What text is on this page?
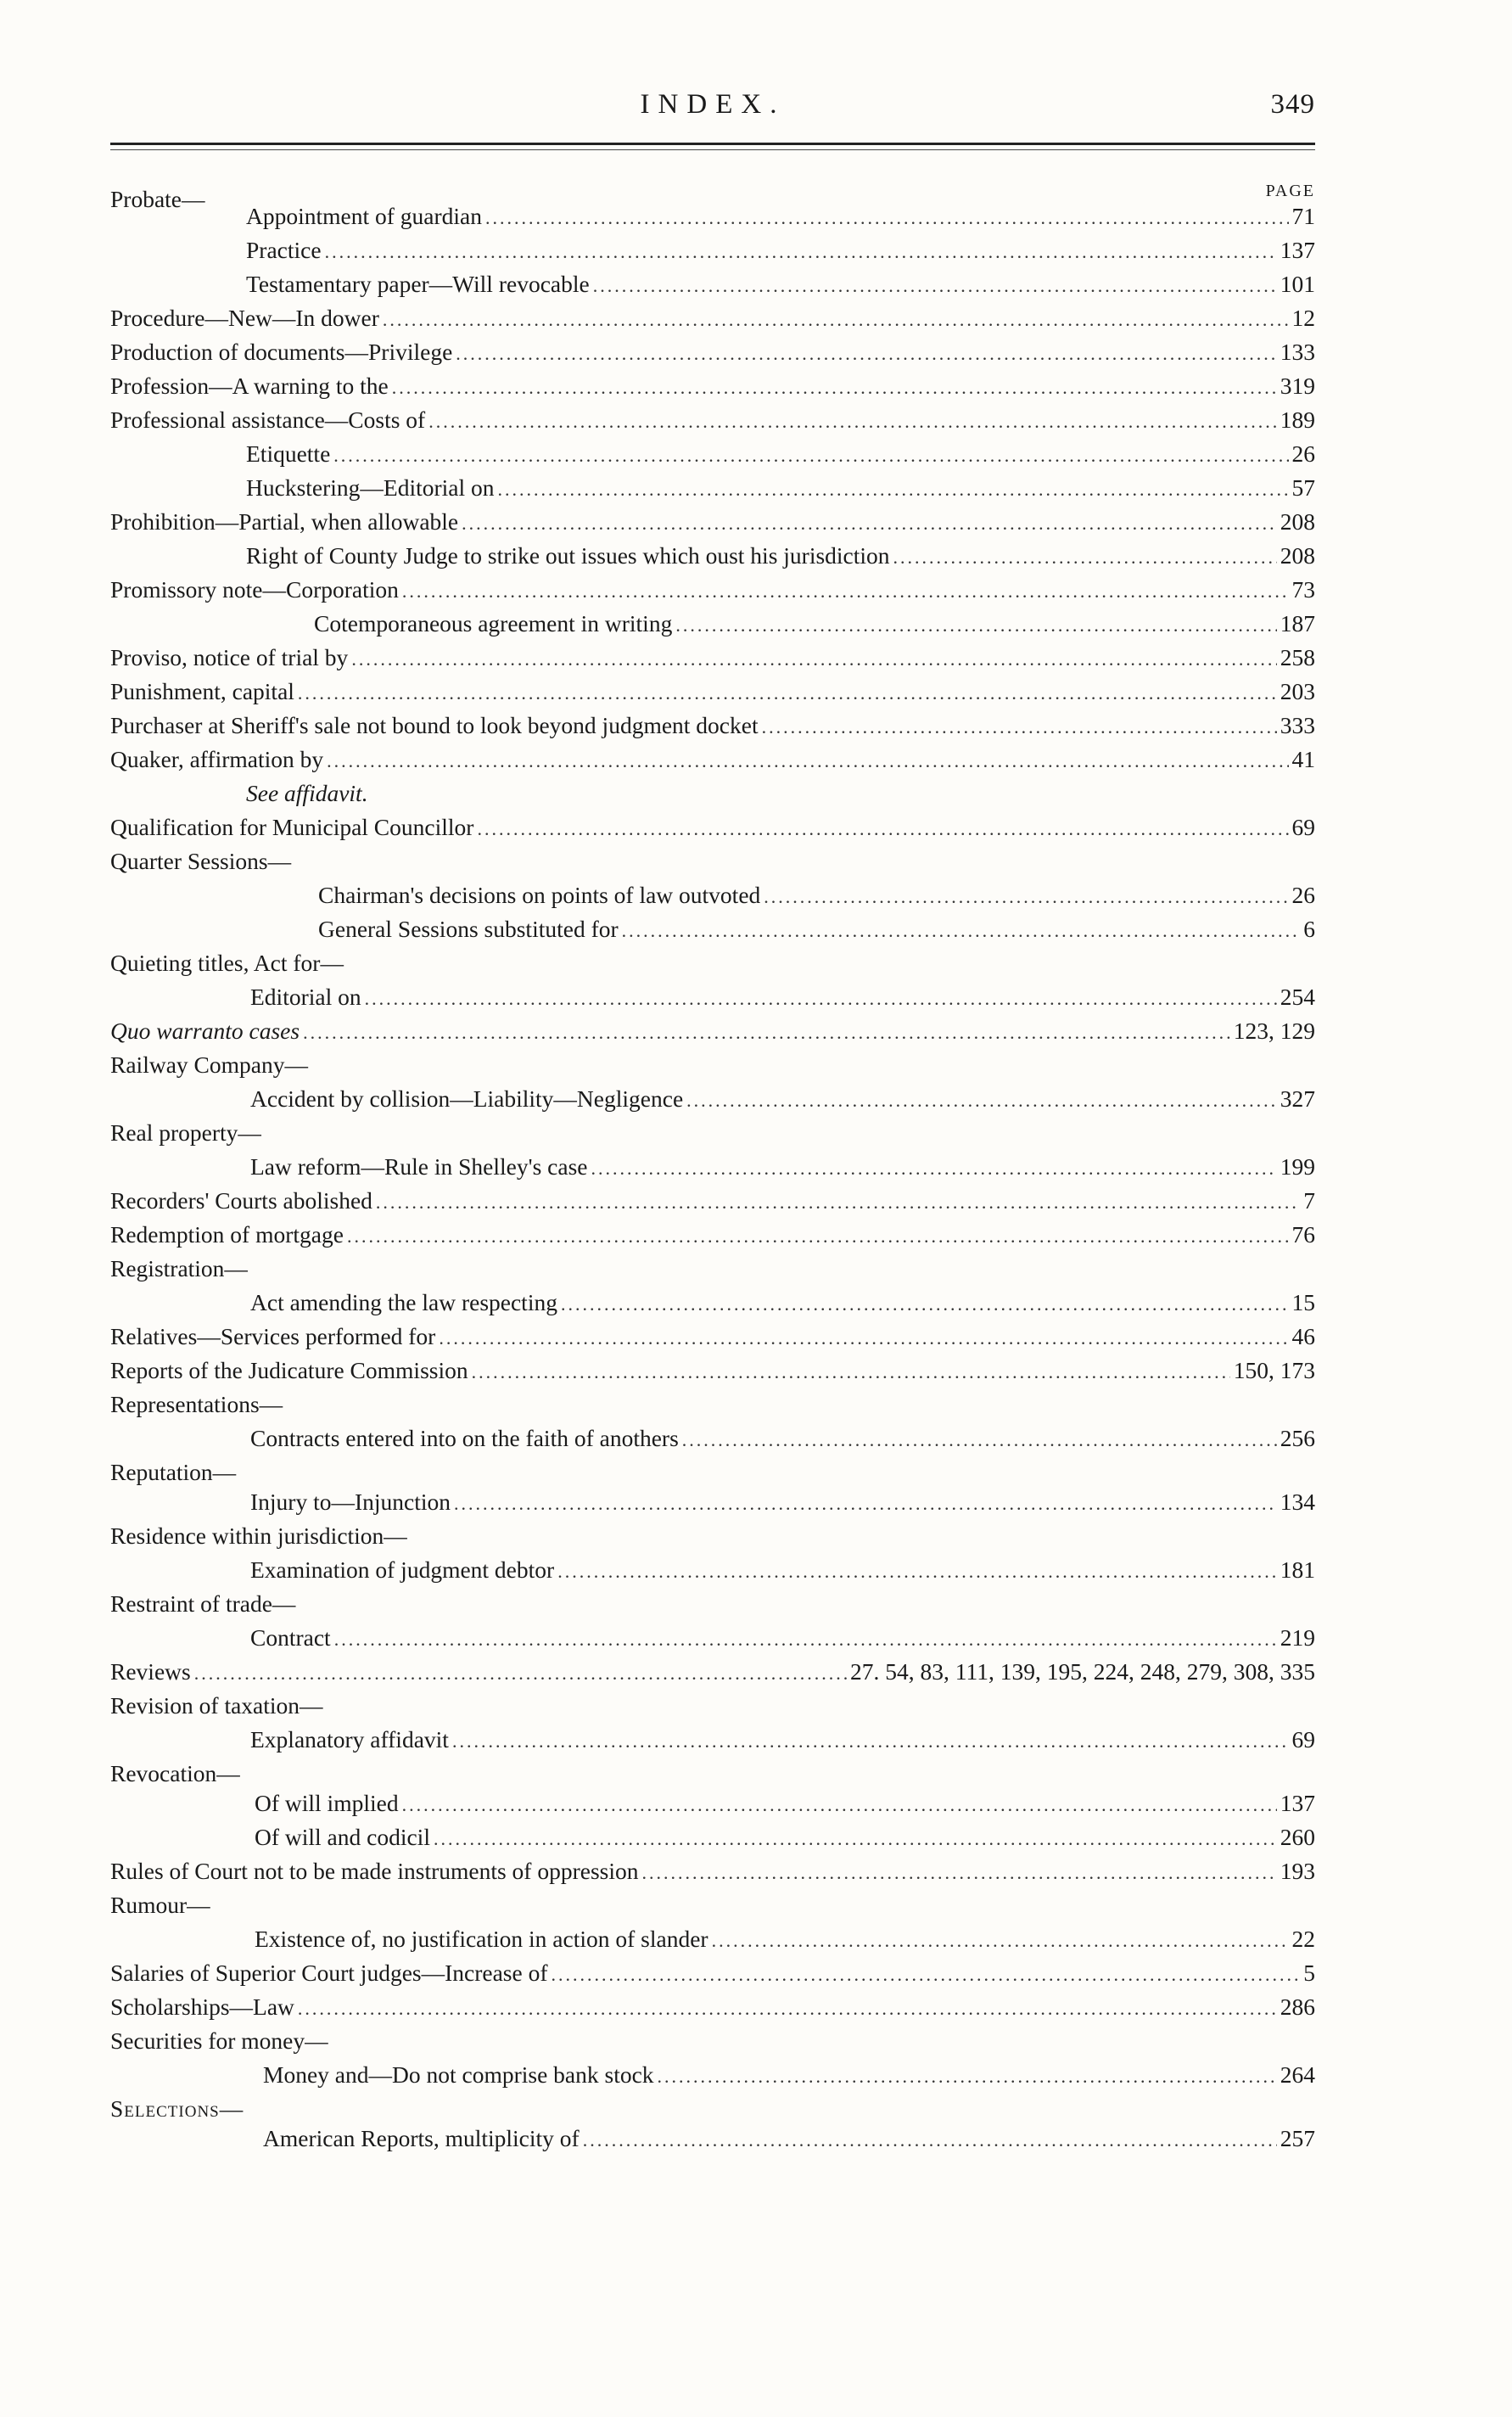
INDEX.	349
PAGE
Probate—
Appointment of guardian .....	71
Practice .....	137
Testamentary paper—Will revocable .....	101
Procedure—New—In dower .....	12
Production of documents—Privilege .....	133
Profession—A warning to the .....	319
Professional assistance—Costs of .....	189
Etiquette .....	26
Huckstering—Editorial on .....	57
Prohibition—Partial, when allowable .....	208
Right of County Judge to strike out issues which oust his jurisdiction .....	208
Promissory note—Corporation .....	73
Cotemporaneous agreement in writing .....	187
Proviso, notice of trial by .....	258
Punishment, capital .....	203
Purchaser at Sheriff's sale not bound to look beyond judgment docket .....	333
Quaker, affirmation by .....	41
See affidavit.
Qualification for Municipal Councillor .....	69
Quarter Sessions—
Chairman's decisions on points of law outvoted .....	26
General Sessions substituted for .....	6
Quieting titles, Act for—
Editorial on .....	254
Quo warranto cases .....	123, 129
Railway Company—
Accident by collision—Liability—Negligence .....	327
Real property—
Law reform—Rule in Shelley's case .....	199
Recorders' Courts abolished .....	7
Redemption of mortgage .....	76
Registration—
Act amending the law respecting .....	15
Relatives—Services performed for .....	46
Reports of the Judicature Commission .....	150, 173
Representations—
Contracts entered into on the faith of anothers .....	256
Reputation—
Injury to—Injunction .....	134
Residence within jurisdiction—
Examination of judgment debtor .....	181
Restraint of trade—
Contract .....	219
Reviews .....	27. 54, 83, 111, 139, 195, 224, 248, 279, 308, 335
Revision of taxation—
Explanatory affidavit .....	69
Revocation—
Of will implied .....	137
Of will and codicil .....	260
Rules of Court not to be made instruments of oppression .....	193
Rumour—
Existence of, no justification in action of slander .....	22
Salaries of Superior Court judges—Increase of .....	5
Scholarships—Law .....	286
Securities for money—
Money and—Do not comprise bank stock .....	264
Selections—
American Reports, multiplicity of .....	257
